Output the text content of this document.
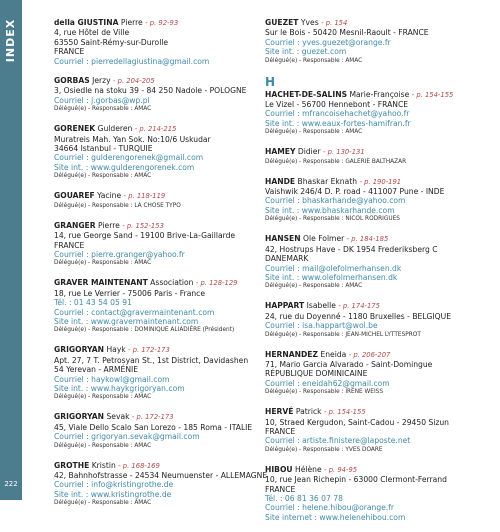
INDEX
222
della GIUSTINA Pierre - p. 92-93
4, rue Hôtel de Ville
63550 Saint-Rémy-sur-Durolle
FRANCE
Courriel : pierredellagiustina@gmail.com
GORBAS Jerzy - p. 204-205
3, Osiedle na stoku 39 - 84 250 Nadole - POLOGNE
Courriel : j.gorbas@wp.pl
Délégué(e) - Responsable : AMAC
GORENEK Gulderen - p. 214-215
Muratreis Mah. Yan Sok. No:10/6 Uskudar
34664 Istanbul - TURQUIE
Courriel : gulderengorenek@gmail.com
Site int. : www.gulderengorenek.com
Délégué(e) - Responsable : AMAC
GOUAREF Yacine - p. 118-119
Délégué(e) - Responsable : LA CHOSE TYPO
GRANGER Pierre - p. 152-153
14, rue George Sand - 19100 Brive-La-Gaillarde
FRANCE
Courriel : pierre.granger@yahoo.fr
Délégué(e) - Responsable : AMAC
GRAVER MAINTENANT Association - p. 128-129
18, rue Le Verrier - 75006 Paris - France
Tél. : 01 43 54 05 91
Courriel : contact@gravermaintenant.com
Site int. : www.gravermaintenant.com
Délégué(e) - Responsable : DOMINIQUE ALIADIÈRE (Président)
GRIGORYAN Hayk - p. 172-173
Apt. 27, 7 T. Petrosyan St., 1st District, Davidashen
54 Yerevan - ARMÉNIE
Courriel : haykowl@gmail.com
Site int. : www.haykgrigoryan.com
Délégué(e) - Responsable : AMAC
GRIGORYAN Sevak - p. 172-173
45, Viale Dello Scalo San Lorezo - 185 Roma - ITALIE
Courriel : grigoryan.sevak@gmail.com
Délégué(e) - Responsable : AMAC
GROTHE Kristin - p. 168-169
42, Bahnhofstrasse - 24534 Neumuenster - ALLEMAGNE
Courriel : info@kristingrothe.de
Site int. : www.kristingrothe.de
Délégué(e) - Responsable : AMAC
GUEZET Yves - p. 154
Sur le Bois - 50420 Mesnil-Raoult - FRANCE
Courriel : yves.guezet@orange.fr
Site int. : guezet.com
Délégué(e) - Responsable : AMAC
H
HACHET-DE-SALINS Marie-Françoise - p. 154-155
Le Vizel - 56700 Hennebont - FRANCE
Courriel : mfrancoisehachet@yahoo.fr
Site int. : www.eaux-fortes-hamifran.fr
Délégué(e) - Responsable : AMAC
HAMEY Didier - p. 130-131
Délégué(e) - Responsable : GALERIE BALTHAZAR
HANDE Bhaskar Eknath - p. 190-191
Vaishwik 246/4 D. P. road - 411007 Pune - INDE
Courriel : bhaskarhande@yahoo.com
Site int. : www.bhaskarhande.com
Délégué(e) - Responsable : NICOL RODRIGUES
HANSEN Ole Folmer - p. 184-185
42, Hostrups Have - DK 1954 Frederiksberg C
DANEMARK
Courriel : mail@olefolmerhansen.dk
Site int. : www.olefolmerhansen.dk
Délégué(e) - Responsable : AMAC
HAPPART Isabelle - p. 174-175
24, rue du Doyenné - 1180 Bruxelles - BELGIQUE
Courriel : isa.happart@wol.be
Délégué(e) - Responsable : JEAN-MICHEL LYTTESPROT
HERNANDEZ Eneida - p. 206-207
71, Mario Garcia Alvarado - Saint-Domingue
RÉPUBLIQUE DOMINICAINE
Courriel : eneidah62@gmail.com
Délégué(e) - Responsable : IRENE WEISS
HERVÉ Patrick - p. 154-155
10, Straed Kergudon, Saint-Cadou - 29450 Sizun
FRANCE
Courriel : artiste.finistere@laposte.net
Délégué(e) - Responsable : YVES DOARE
HIBOU Hélène - p. 94-95
10, rue Jean Richepin - 63000 Clermont-Ferrand
FRANCE
Tél. : 06 81 36 07 78
Courriel : helene.hibou@orange.fr
Site internet : www.helenehibou.com
